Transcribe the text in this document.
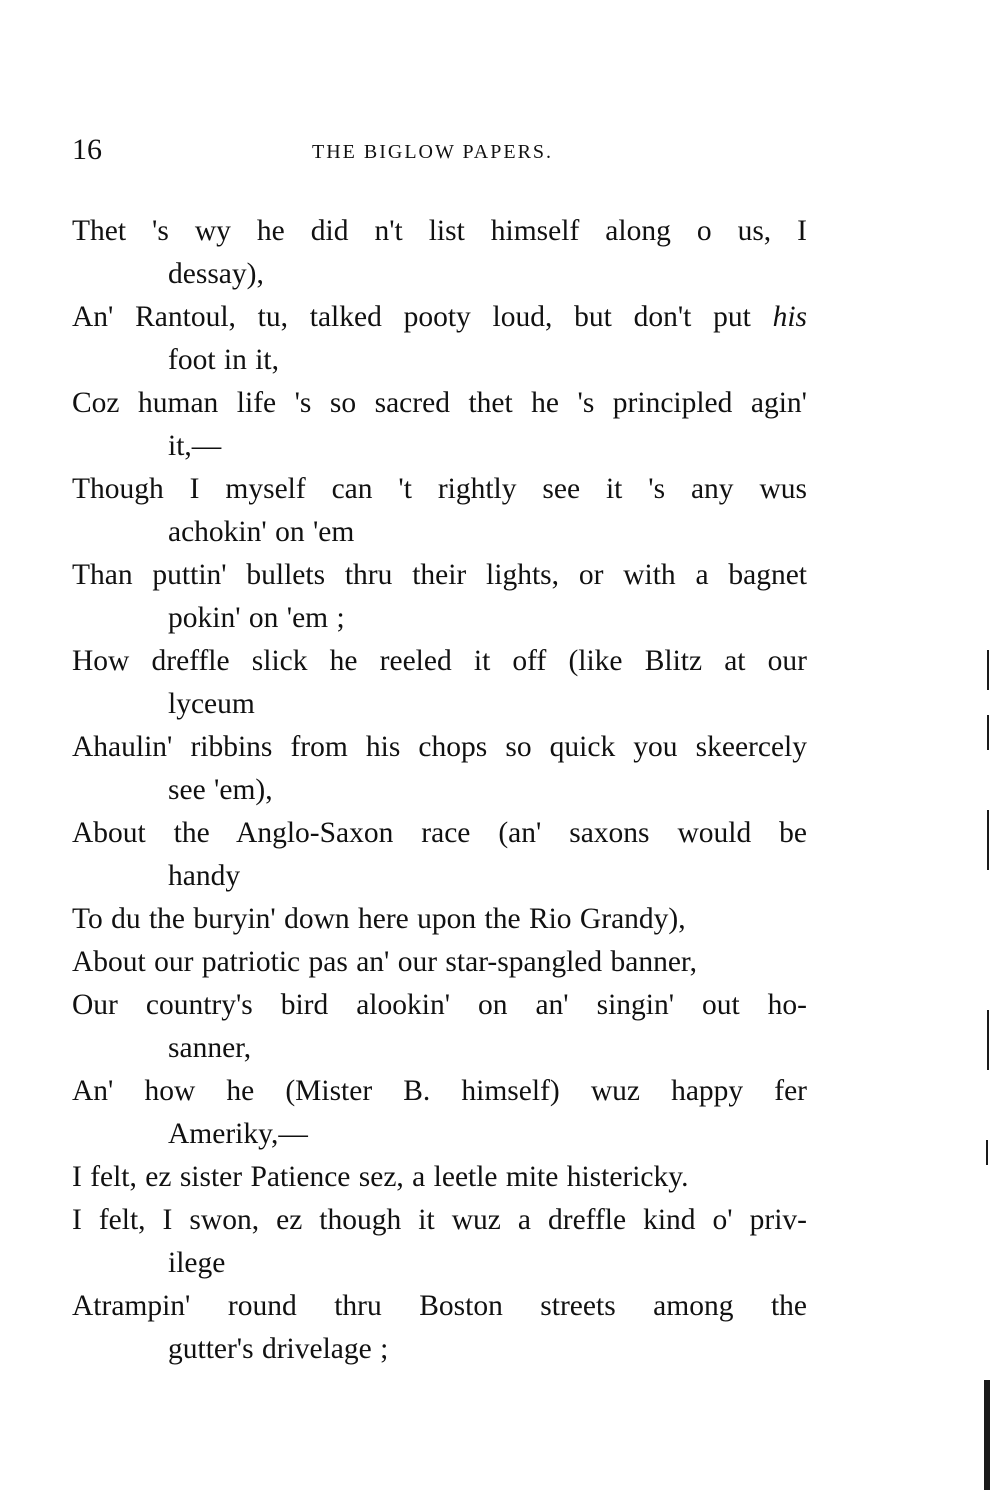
16	THE BIGLOW PAPERS.
Thet 's wy he did n't list himself along o us, I
dessay),
An' Rantoul, tu, talked pooty loud, but don't put his
foot in it,
Coz human life 's so sacred thet he 's principled agin'
it,—
Though I myself can 't rightly see it 's any wus
achokin' on 'em
Than puttin' bullets thru their lights, or with a bagnet
pokin' on 'em ;
How dreffle slick he reeled it off (like Blitz at our
lyceum
Ahaulin' ribbins from his chops so quick you skeercely
see 'em),
About the Anglo-Saxon race (an' saxons would be
handy
To du the buryin' down here upon the Rio Grandy),
About our patriotic pas an' our star-spangled banner,
Our country's bird alookin' on an' singin' out ho-
sanner,
An' how he (Mister B. himself) wuz happy fer
Ameriky,—
I felt, ez sister Patience sez, a leetle mite histericky.
I felt, I swon, ez though it wuz a dreffle kind o' priv-
ilege
Atrampin' round thru Boston streets among the
gutter's drivelage ;
